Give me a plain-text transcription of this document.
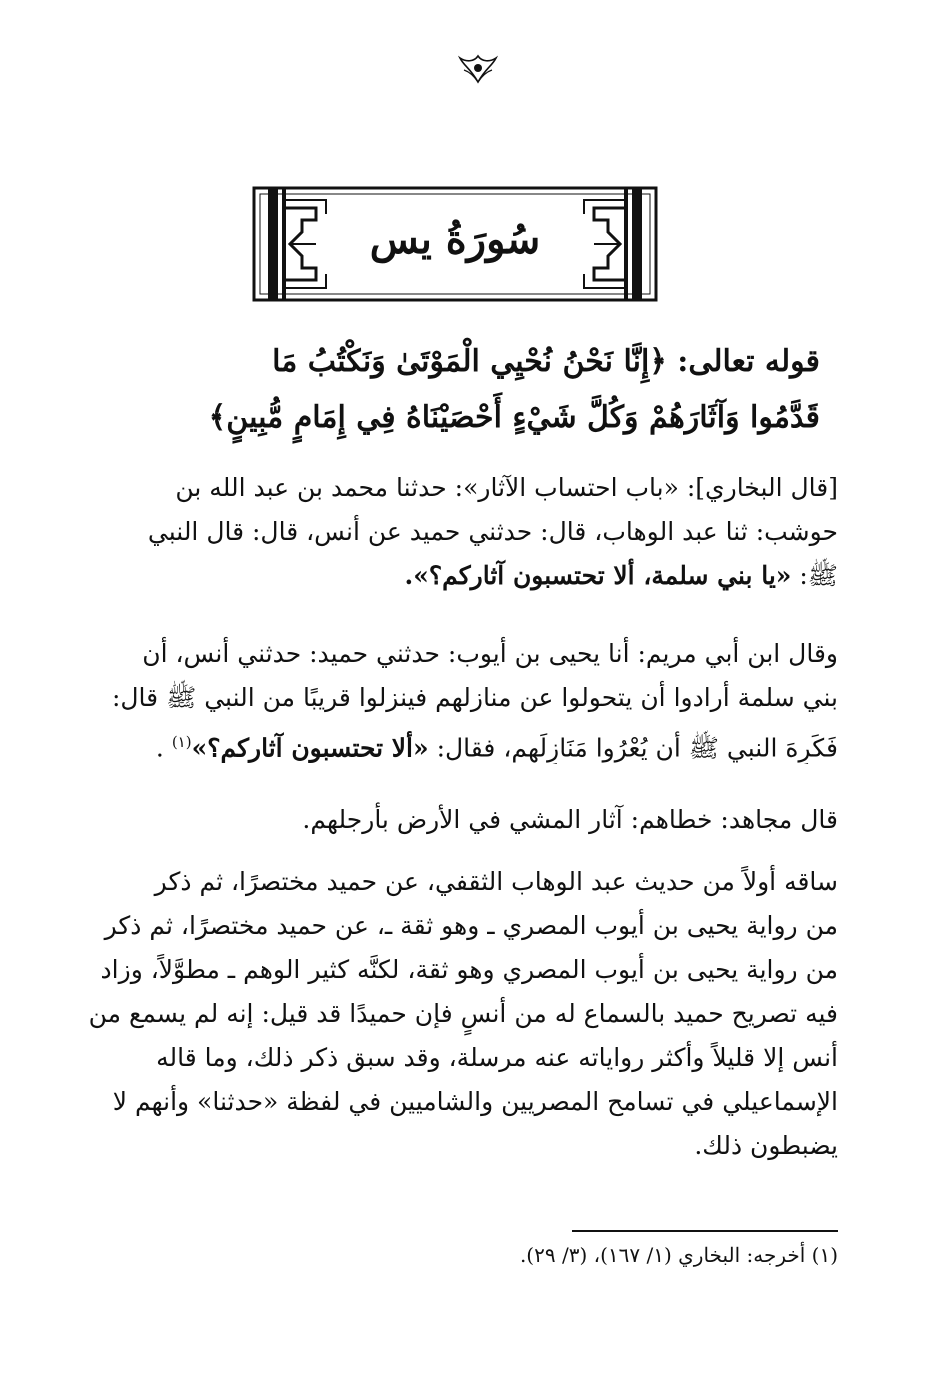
سُورَةُ يس
قوله تعالى: ﴿إِنَّا نَحْنُ نُحْيِي الْمَوْتَىٰ وَنَكْتُبُ مَا
قَدَّمُوا وَآثَارَهُمْ وَكُلَّ شَيْءٍ أَحْصَيْنَاهُ فِي إِمَامٍ مُّبِينٍ﴾
[قال البخاري]: «باب احتساب الآثار»: حدثنا محمد بن عبد الله بن
حوشب: ثنا عبد الوهاب، قال: حدثني حميد عن أنس، قال: قال النبي
ﷺ: «يا بني سلمة، ألا تحتسبون آثاركم؟».
وقال ابن أبي مريم: أنا يحيى بن أيوب: حدثني حميد: حدثني أنس، أن
بني سلمة أرادوا أن يتحولوا عن منازلهم فينزلوا قريبًا من النبي ﷺ قال:
فَكَرِهَ النبي ﷺ أن يُعْرُوا مَنَازِلَهم، فقال: «ألا تحتسبون آثاركم؟»$^{(١)}$ .
قال مجاهد: خطاهم: آثار المشي في الأرض بأرجلهم.
ساقه أولاً من حديث عبد الوهاب الثقفي، عن حميد مختصرًا، ثم ذكر
من رواية يحيى بن أيوب المصري ـ وهو ثقة ـ، عن حميد مختصرًا، ثم ذكر
من رواية يحيى بن أيوب المصري وهو ثقة، لكنَّه كثير الوهم ـ مطوَّلاً، وزاد
فيه تصريح حميد بالسماع له من أنسٍ فإن حميدًا قد قيل: إنه لم يسمع من
أنس إلا قليلاً وأكثر رواياته عنه مرسلة، وقد سبق ذكر ذلك، وما قاله
الإسماعيلي في تسامح المصريين والشاميين في لفظة «حدثنا» وأنهم لا
يضبطون ذلك.
(١) أخرجه: البخاري (١/ ١٦٧)، (٣/ ٢٩).
